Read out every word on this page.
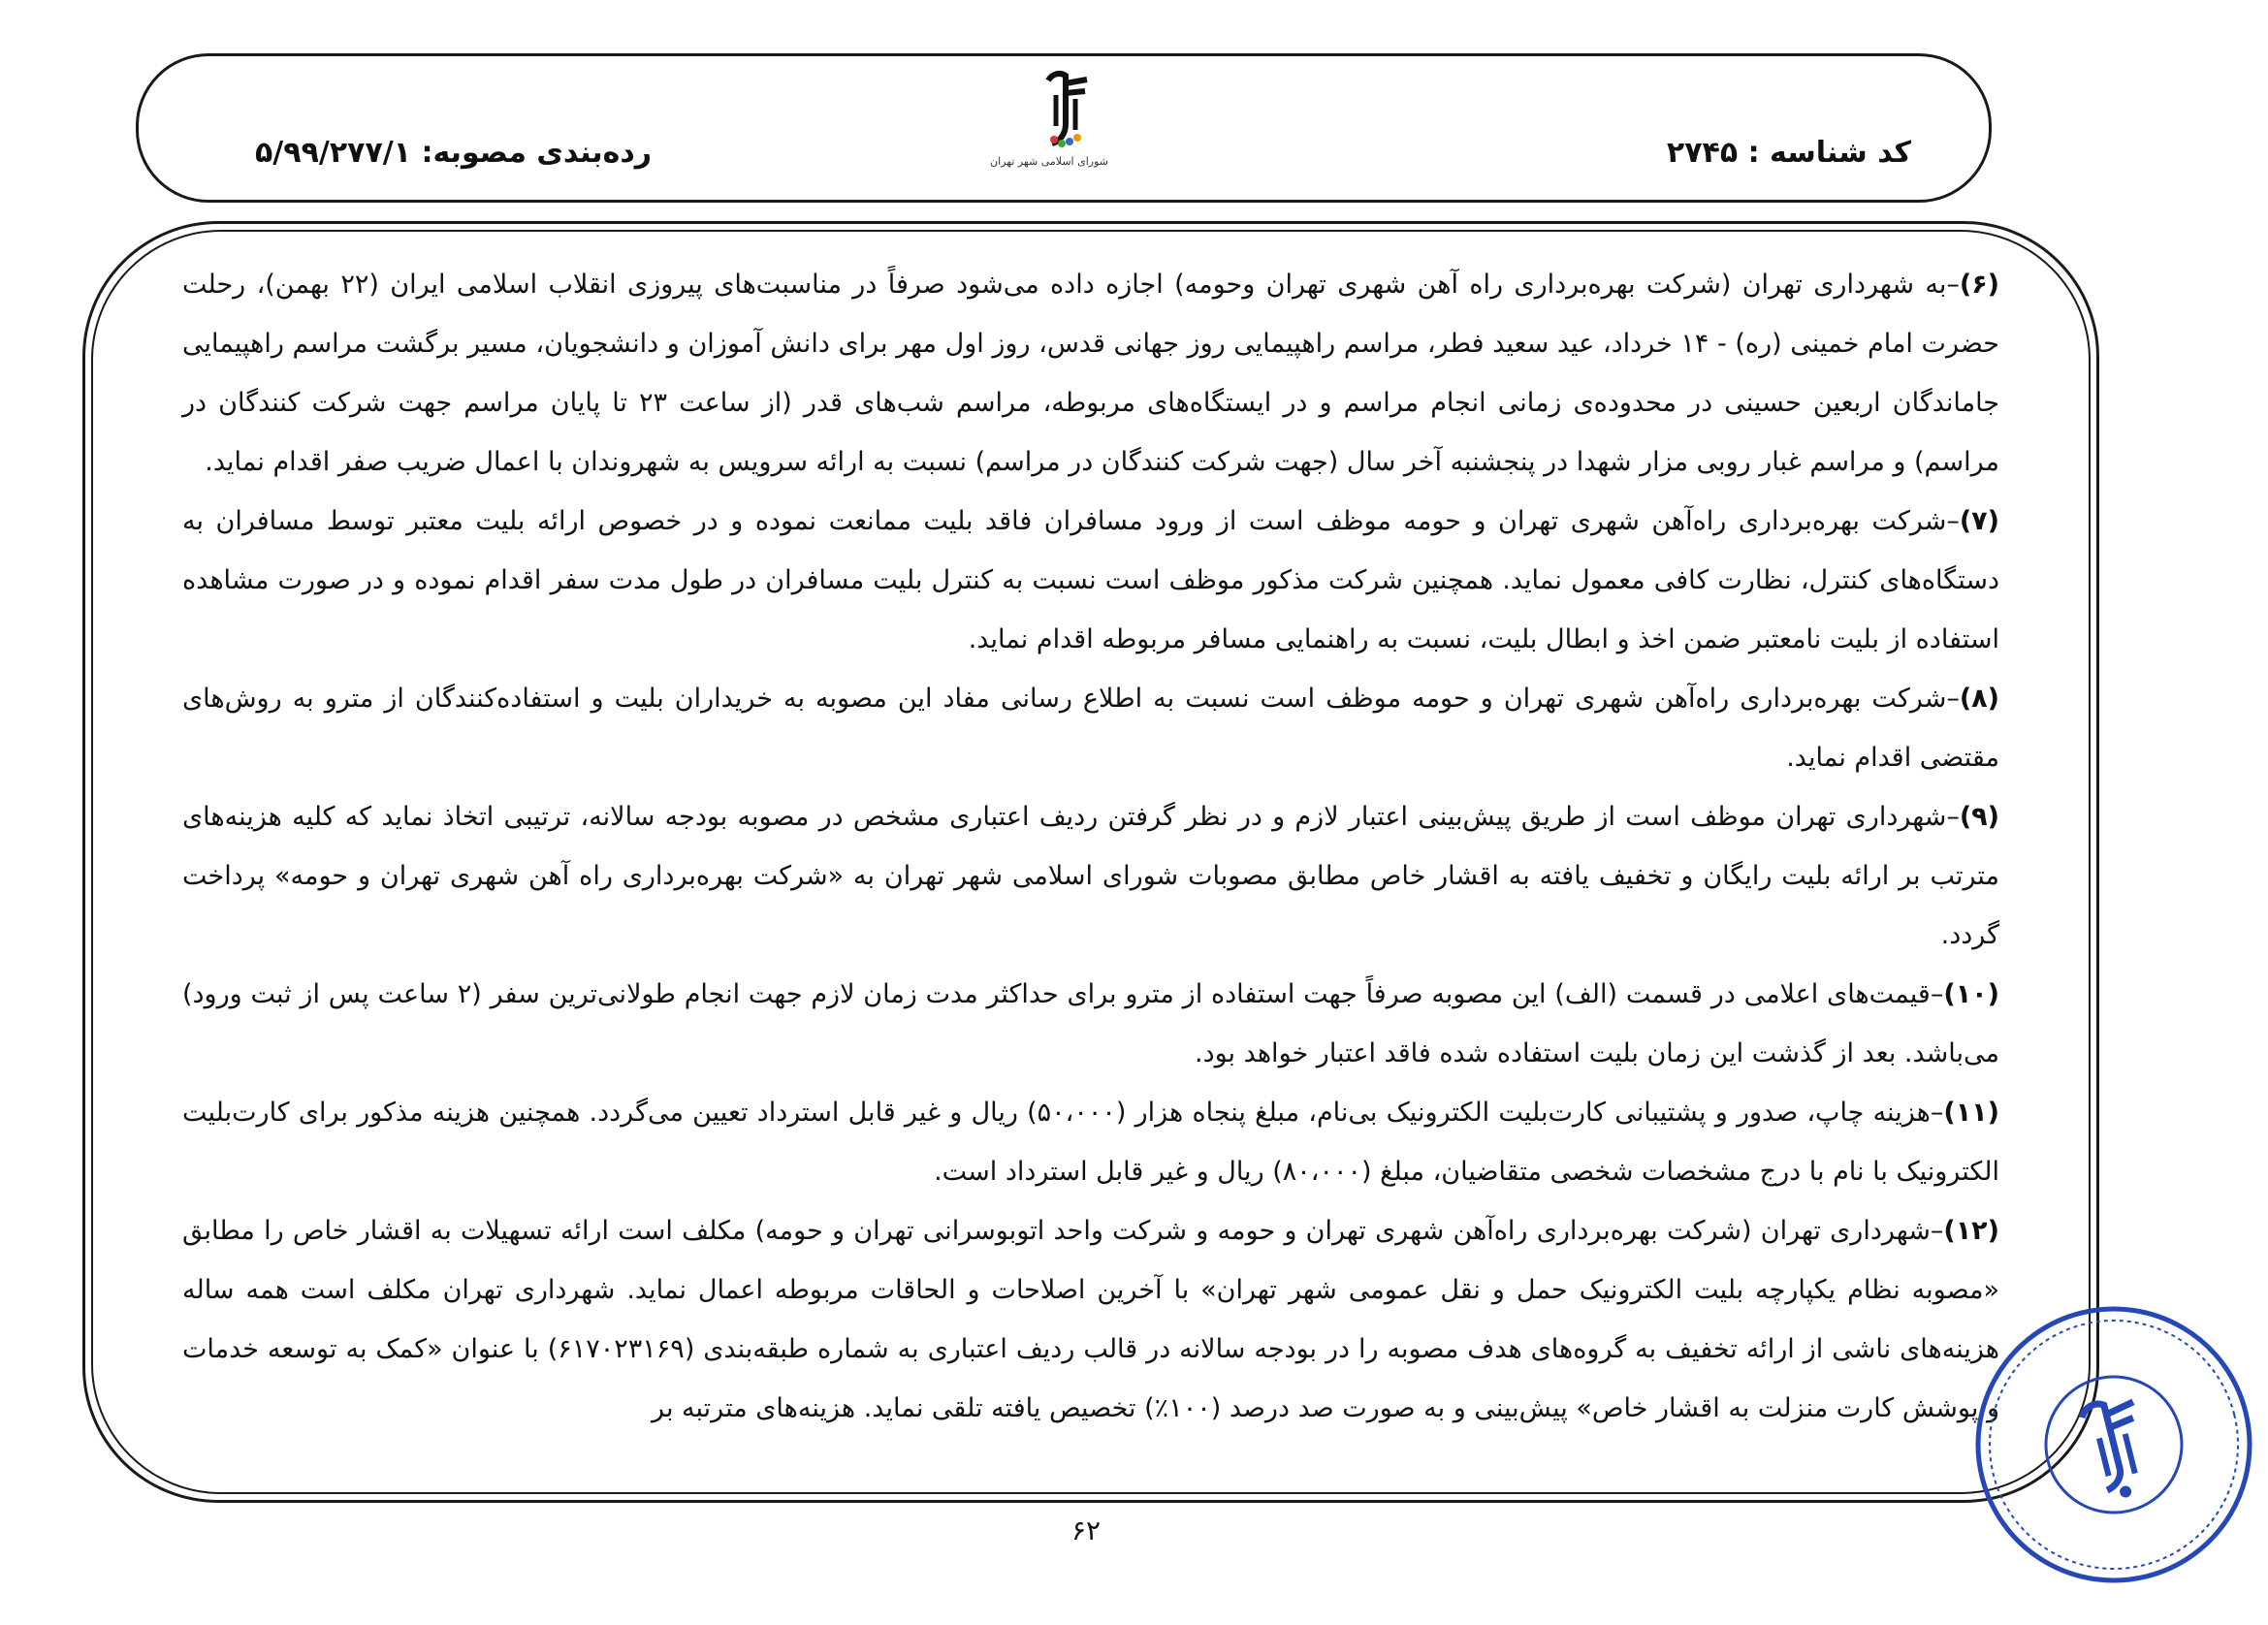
کد شناسه : ۲۷۴۵
شورای اسلامی شهر تهران
رده‌بندی مصوبه: ۵/۹۹/۲۷۷/۱

(۶)–به شهرداری تهران (شرکت بهره‌برداری راه آهن شهری تهران وحومه) اجازه داده می‌شود صرفاً در مناسبت‌های پیروزی انقلاب اسلامی ایران (۲۲ بهمن)، رحلت حضرت امام خمینی (ره) - ۱۴ خرداد، عید سعید فطر، مراسم راهپیمایی روز جهانی قدس، روز اول مهر برای دانش آموزان و دانشجویان، مسیر برگشت مراسم راهپیمایی جاماندگان اربعین حسینی در محدوده‌ی زمانی انجام مراسم و در ایستگاه‌های مربوطه، مراسم شب‌های قدر (از ساعت ۲۳ تا پایان مراسم جهت شرکت کنندگان در مراسم) و مراسم غبار روبی مزار شهدا در پنجشنبه آخر سال (جهت شرکت کنندگان در مراسم) نسبت به ارائه سرویس به شهروندان با اعمال ضریب صفر اقدام نماید.

(۷)–شرکت بهره‌برداری راه‌آهن شهری تهران و حومه موظف است از ورود مسافران فاقد بلیت ممانعت نموده و در خصوص ارائه بلیت معتبر توسط مسافران به دستگاه‌های کنترل، نظارت کافی معمول نماید. همچنین شرکت مذکور موظف است نسبت به کنترل بلیت مسافران در طول مدت سفر اقدام نموده و در صورت مشاهده استفاده از بلیت نامعتبر ضمن اخذ و ابطال بلیت، نسبت به راهنمایی مسافر مربوطه اقدام نماید.

(۸)–شرکت بهره‌برداری راه‌آهن شهری تهران و حومه موظف است نسبت به اطلاع رسانی مفاد این مصوبه به خریداران بلیت و استفاده‌کنندگان از مترو به روش‌های مقتضی اقدام نماید.

(۹)–شهرداری تهران موظف است از طریق پیش‌بینی اعتبار لازم و در نظر گرفتن ردیف اعتباری مشخص در مصوبه بودجه سالانه، ترتیبی اتخاذ نماید که کلیه هزینه‌های مترتب بر ارائه بلیت رایگان و تخفیف یافته به اقشار خاص مطابق مصوبات شورای اسلامی شهر تهران به «شرکت بهره‌برداری راه آهن شهری تهران و حومه» پرداخت گردد.

(۱۰)–قیمت‌های اعلامی در قسمت (الف) این مصوبه صرفاً جهت استفاده از مترو برای حداکثر مدت زمان لازم جهت انجام طولانی‌ترین سفر (۲ ساعت پس از ثبت ورود) می‌باشد. بعد از گذشت این زمان بلیت استفاده شده فاقد اعتبار خواهد بود.

(۱۱)–هزینه چاپ، صدور و پشتیبانی کارت‌بلیت الکترونیک بی‌نام، مبلغ پنجاه هزار (۵۰،۰۰۰) ریال و غیر قابل استرداد تعیین می‌گردد. همچنین هزینه مذکور برای کارت‌بلیت الکترونیک با نام با درج مشخصات شخصی متقاضیان، مبلغ (۸۰،۰۰۰) ریال و غیر قابل استرداد است.

(۱۲)–شهرداری تهران (شرکت بهره‌برداری راه‌آهن شهری تهران و حومه و شرکت واحد اتوبوسرانی تهران و حومه) مکلف است ارائه تسهیلات به اقشار خاص را مطابق «مصوبه نظام یکپارچه بلیت الکترونیک حمل و نقل عمومی شهر تهران» با آخرین اصلاحات و الحاقات مربوطه اعمال نماید. شهرداری تهران مکلف است همه ساله هزینه‌های ناشی از ارائه تخفیف به گروه‌های هدف مصوبه را در بودجه سالانه در قالب ردیف اعتباری به شماره طبقه‌بندی (۶۱۷۰۲۳۱۶۹) با عنوان «کمک به توسعه خدمات و پوشش کارت منزلت به اقشار خاص» پیش‌بینی و به صورت صد درصد (۱۰۰٪) تخصیص یافته تلقی نماید. هزینه‌های مترتبه بر

۶۲
